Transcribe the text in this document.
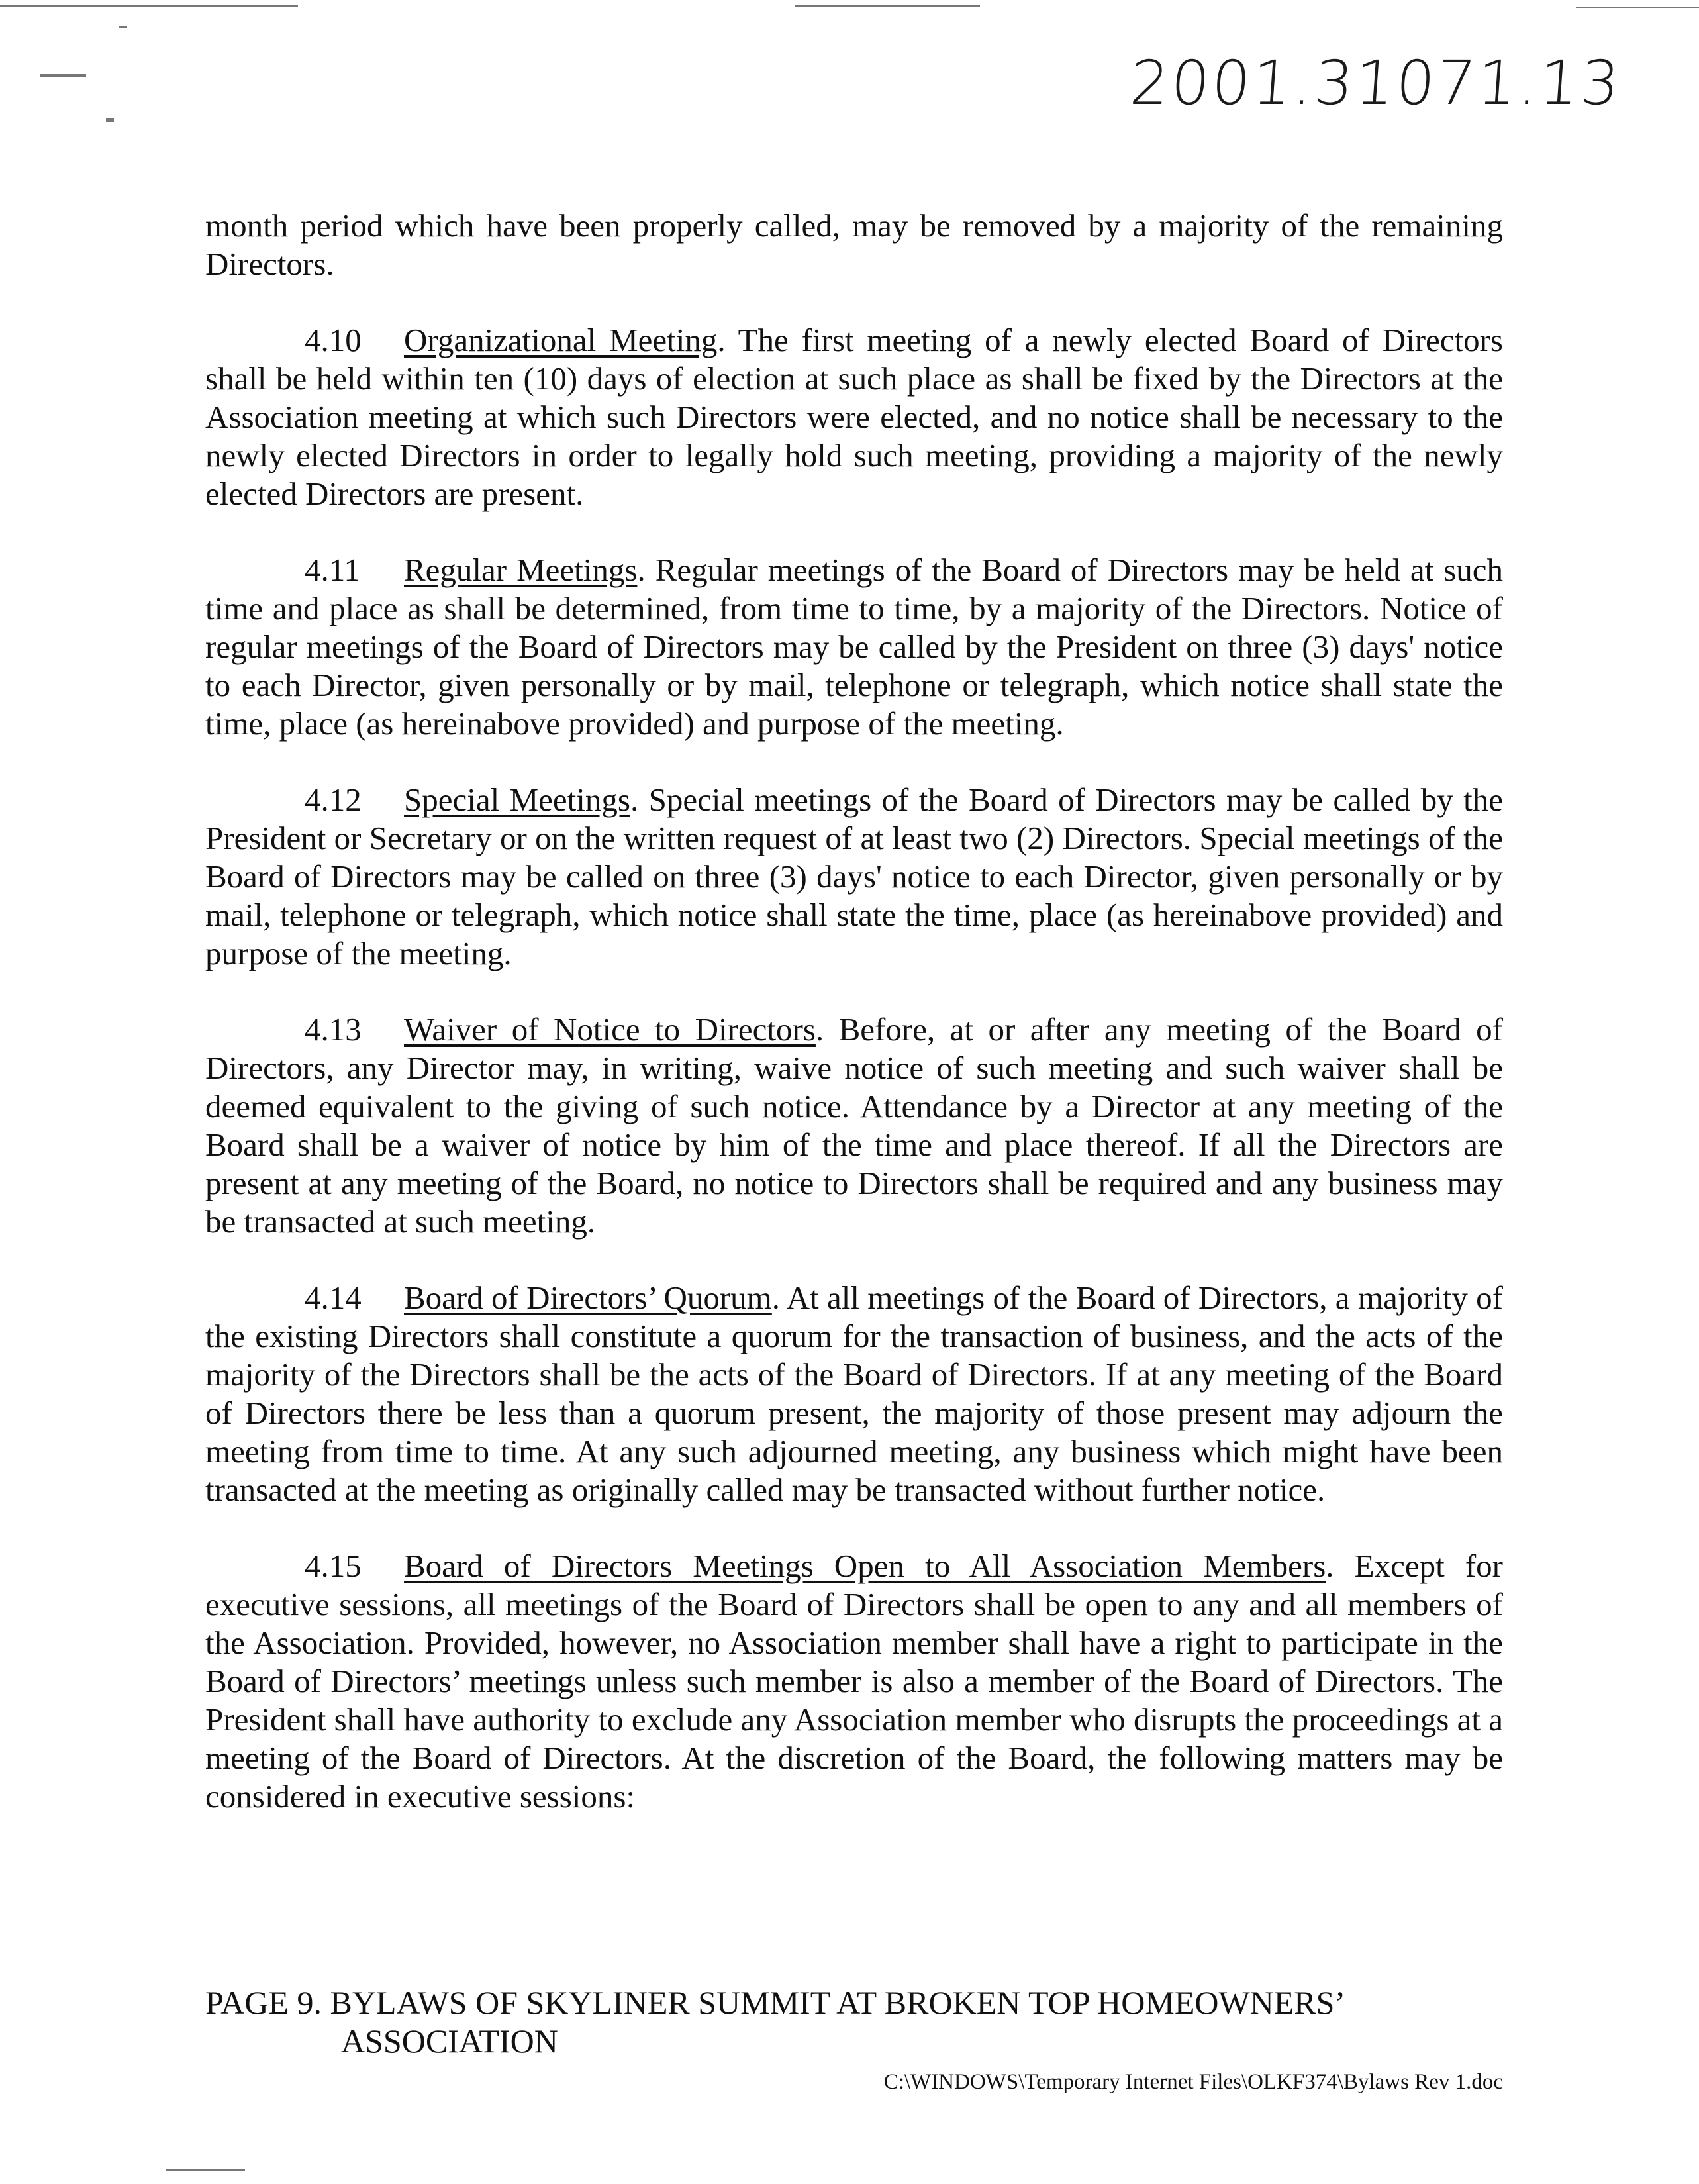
2001.31071.13

month period which have been properly called, may be removed by a majority of the remaining Directors.

4.10 Organizational Meeting. The first meeting of a newly elected Board of Directors shall be held within ten (10) days of election at such place as shall be fixed by the Directors at the Association meeting at which such Directors were elected, and no notice shall be necessary to the newly elected Directors in order to legally hold such meeting, providing a majority of the newly elected Directors are present.

4.11 Regular Meetings. Regular meetings of the Board of Directors may be held at such time and place as shall be determined, from time to time, by a majority of the Directors. Notice of regular meetings of the Board of Directors may be called by the President on three (3) days' notice to each Director, given personally or by mail, telephone or telegraph, which notice shall state the time, place (as hereinabove provided) and purpose of the meeting.

4.12 Special Meetings. Special meetings of the Board of Directors may be called by the President or Secretary or on the written request of at least two (2) Directors. Special meetings of the Board of Directors may be called on three (3) days' notice to each Director, given personally or by mail, telephone or telegraph, which notice shall state the time, place (as hereinabove provided) and purpose of the meeting.

4.13 Waiver of Notice to Directors. Before, at or after any meeting of the Board of Directors, any Director may, in writing, waive notice of such meeting and such waiver shall be deemed equivalent to the giving of such notice. Attendance by a Director at any meeting of the Board shall be a waiver of notice by him of the time and place thereof. If all the Directors are present at any meeting of the Board, no notice to Directors shall be required and any business may be transacted at such meeting.

4.14 Board of Directors’ Quorum. At all meetings of the Board of Directors, a majority of the existing Directors shall constitute a quorum for the transaction of business, and the acts of the majority of the Directors shall be the acts of the Board of Directors. If at any meeting of the Board of Directors there be less than a quorum present, the majority of those present may adjourn the meeting from time to time. At any such adjourned meeting, any business which might have been transacted at the meeting as originally called may be transacted without further notice.

4.15 Board of Directors Meetings Open to All Association Members. Except for executive sessions, all meetings of the Board of Directors shall be open to any and all members of the Association. Provided, however, no Association member shall have a right to participate in the Board of Directors’ meetings unless such member is also a member of the Board of Directors. The President shall have authority to exclude any Association member who disrupts the proceedings at a meeting of the Board of Directors. At the discretion of the Board, the following matters may be considered in executive sessions:

PAGE 9. BYLAWS OF SKYLINER SUMMIT AT BROKEN TOP HOMEOWNERS’
ASSOCIATION
C:\WINDOWS\Temporary Internet Files\OLKF374\Bylaws Rev 1.doc
